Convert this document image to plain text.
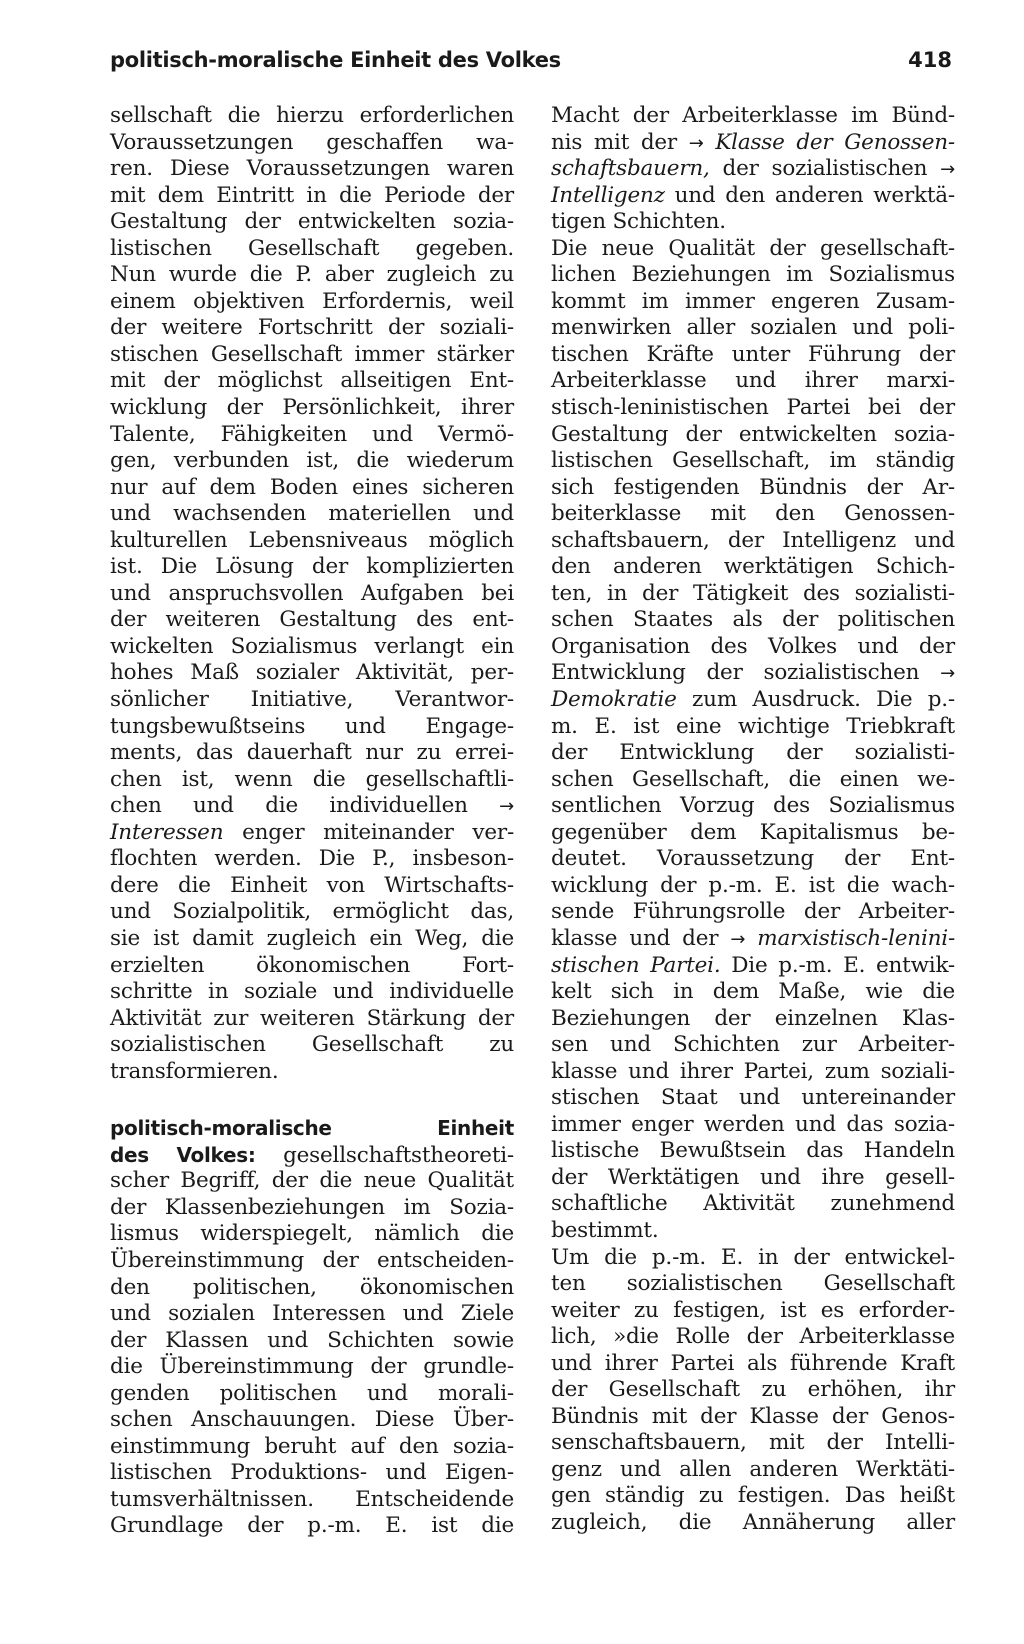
politisch-moralische Einheit des Volkes	418
sellschaft die hierzu erforderlichen
Voraussetzungen geschaffen wa-
ren. Diese Voraussetzungen waren
mit dem Eintritt in die Periode der
Gestaltung der entwickelten sozia-
listischen Gesellschaft gegeben.
Nun wurde die P. aber zugleich zu
einem objektiven Erfordernis, weil
der weitere Fortschritt der soziali-
stischen Gesellschaft immer stärker
mit der möglichst allseitigen Ent-
wicklung der Persönlichkeit, ihrer
Talente, Fähigkeiten und Vermö-
gen, verbunden ist, die wiederum
nur auf dem Boden eines sicheren
und wachsenden materiellen und
kulturellen Lebensniveaus möglich
ist. Die Lösung der komplizierten
und anspruchsvollen Aufgaben bei
der weiteren Gestaltung des ent-
wickelten Sozialismus verlangt ein
hohes Maß sozialer Aktivität, per-
sönlicher Initiative, Verantwor-
tungsbewußtseins und Engage-
ments, das dauerhaft nur zu errei-
chen ist, wenn die gesellschaftli-
chen und die individuellen →
Interessen enger miteinander ver-
flochten werden. Die P., insbeson-
dere die Einheit von Wirtschafts-
und Sozialpolitik, ermöglicht das,
sie ist damit zugleich ein Weg, die
erzielten ökonomischen Fort-
schritte in soziale und individuelle
Aktivität zur weiteren Stärkung der
sozialistischen Gesellschaft zu
transformieren.
politisch-moralische Einheit
des Volkes: gesellschaftstheoreti-
scher Begriff, der die neue Qualität
der Klassenbeziehungen im Sozia-
lismus widerspiegelt, nämlich die
Übereinstimmung der entscheiden-
den politischen, ökonomischen
und sozialen Interessen und Ziele
der Klassen und Schichten sowie
die Übereinstimmung der grundle-
genden politischen und morali-
schen Anschauungen. Diese Über-
einstimmung beruht auf den sozia-
listischen Produktions- und Eigen-
tumsverhältnissen. Entscheidende
Grundlage der p.-m. E. ist die
Macht der Arbeiterklasse im Bünd-
nis mit der → Klasse der Genossen-
schaftsbauern, der sozialistischen →
Intelligenz und den anderen werktä-
tigen Schichten.
Die neue Qualität der gesellschaft-
lichen Beziehungen im Sozialismus
kommt im immer engeren Zusam-
menwirken aller sozialen und poli-
tischen Kräfte unter Führung der
Arbeiterklasse und ihrer marxi-
stisch-leninistischen Partei bei der
Gestaltung der entwickelten sozia-
listischen Gesellschaft, im ständig
sich festigenden Bündnis der Ar-
beiterklasse mit den Genossen-
schaftsbauern, der Intelligenz und
den anderen werktätigen Schich-
ten, in der Tätigkeit des sozialisti-
schen Staates als der politischen
Organisation des Volkes und der
Entwicklung der sozialistischen →
Demokratie zum Ausdruck. Die p.-
m. E. ist eine wichtige Triebkraft
der Entwicklung der sozialisti-
schen Gesellschaft, die einen we-
sentlichen Vorzug des Sozialismus
gegenüber dem Kapitalismus be-
deutet. Voraussetzung der Ent-
wicklung der p.-m. E. ist die wach-
sende Führungsrolle der Arbeiter-
klasse und der → marxistisch-lenini-
stischen Partei. Die p.-m. E. entwik-
kelt sich in dem Maße, wie die
Beziehungen der einzelnen Klas-
sen und Schichten zur Arbeiter-
klasse und ihrer Partei, zum soziali-
stischen Staat und untereinander
immer enger werden und das sozia-
listische Bewußtsein das Handeln
der Werktätigen und ihre gesell-
schaftliche Aktivität zunehmend
bestimmt.
Um die p.-m. E. in der entwickel-
ten sozialistischen Gesellschaft
weiter zu festigen, ist es erforder-
lich, »die Rolle der Arbeiterklasse
und ihrer Partei als führende Kraft
der Gesellschaft zu erhöhen, ihr
Bündnis mit der Klasse der Genos-
senschaftsbauern, mit der Intelli-
genz und allen anderen Werktäti-
gen ständig zu festigen. Das heißt
zugleich, die Annäherung aller
